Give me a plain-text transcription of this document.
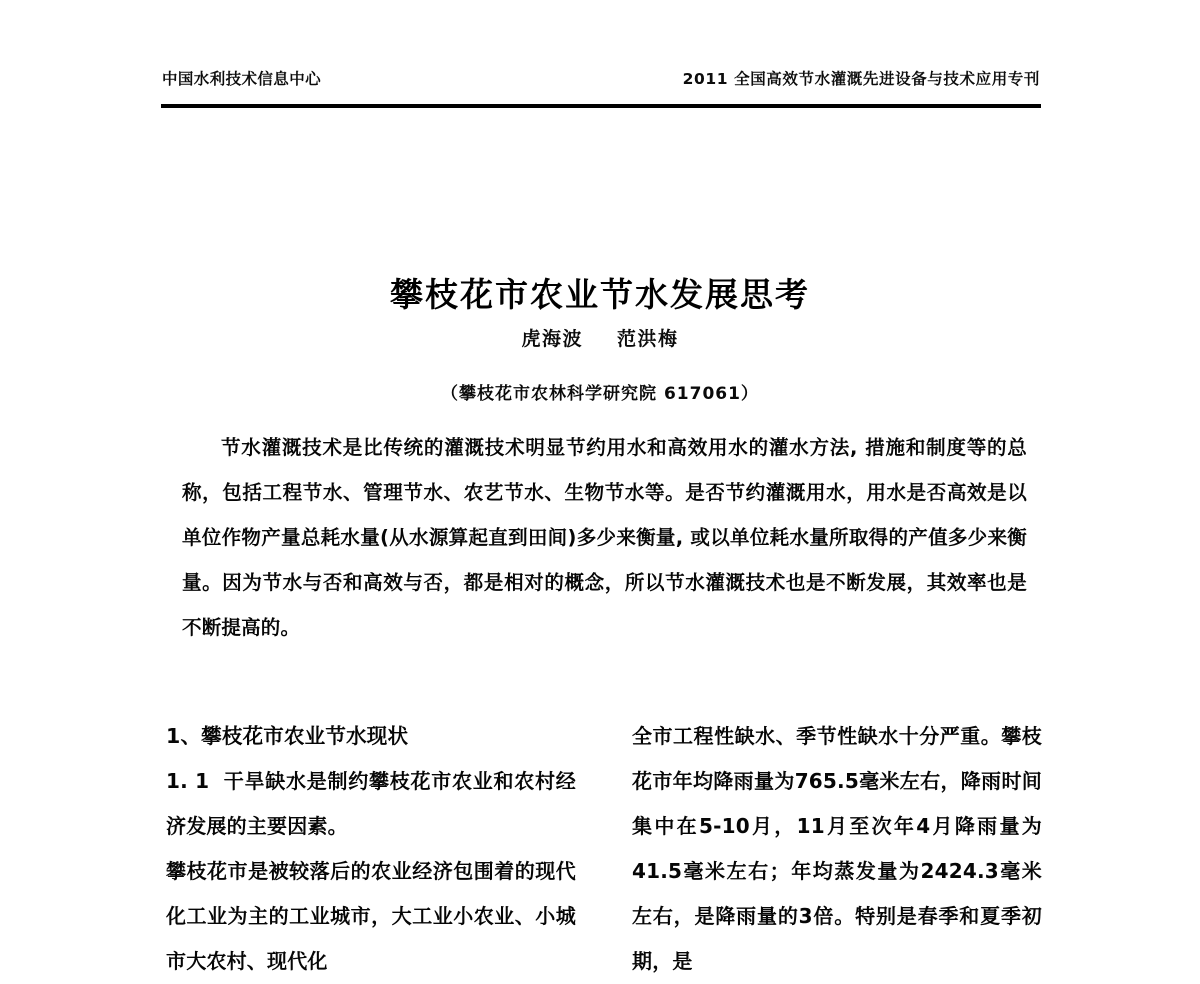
中国水利技术信息中心	2011 全国高效节水灌溉先进设备与技术应用专刊
攀枝花市农业节水发展思考
虎海波 范洪梅
（攀枝花市农林科学研究院 617061）

节水灌溉技术是比传统的灌溉技术明显节约用水和高效用水的灌水方法, 措施和制度等的总称，包括工程节水、管理节水、农艺节水、生物节水等。是否节约灌溉用水，用水是否高效是以单位作物产量总耗水量(从水源算起直到田间)多少来衡量, 或以单位耗水量所取得的产值多少来衡量。因为节水与否和高效与否，都是相对的概念，所以节水灌溉技术也是不断发展，其效率也是不断提高的。

1、攀枝花市农业节水现状

1. 1 干旱缺水是制约攀枝花市农业和农村经济发展的主要因素。

攀枝花市是被较落后的农业经济包围着的现代化工业为主的工业城市，大工业小农业、小城市大农村、现代化

全市工程性缺水、季节性缺水十分严重。攀枝花市年均降雨量为765.5毫米左右，降雨时间集中在5-10月，11月至次年4月降雨量为41.5毫米左右；年均蒸发量为2424.3毫米左右，是降雨量的3倍。特别是春季和夏季初期，是
